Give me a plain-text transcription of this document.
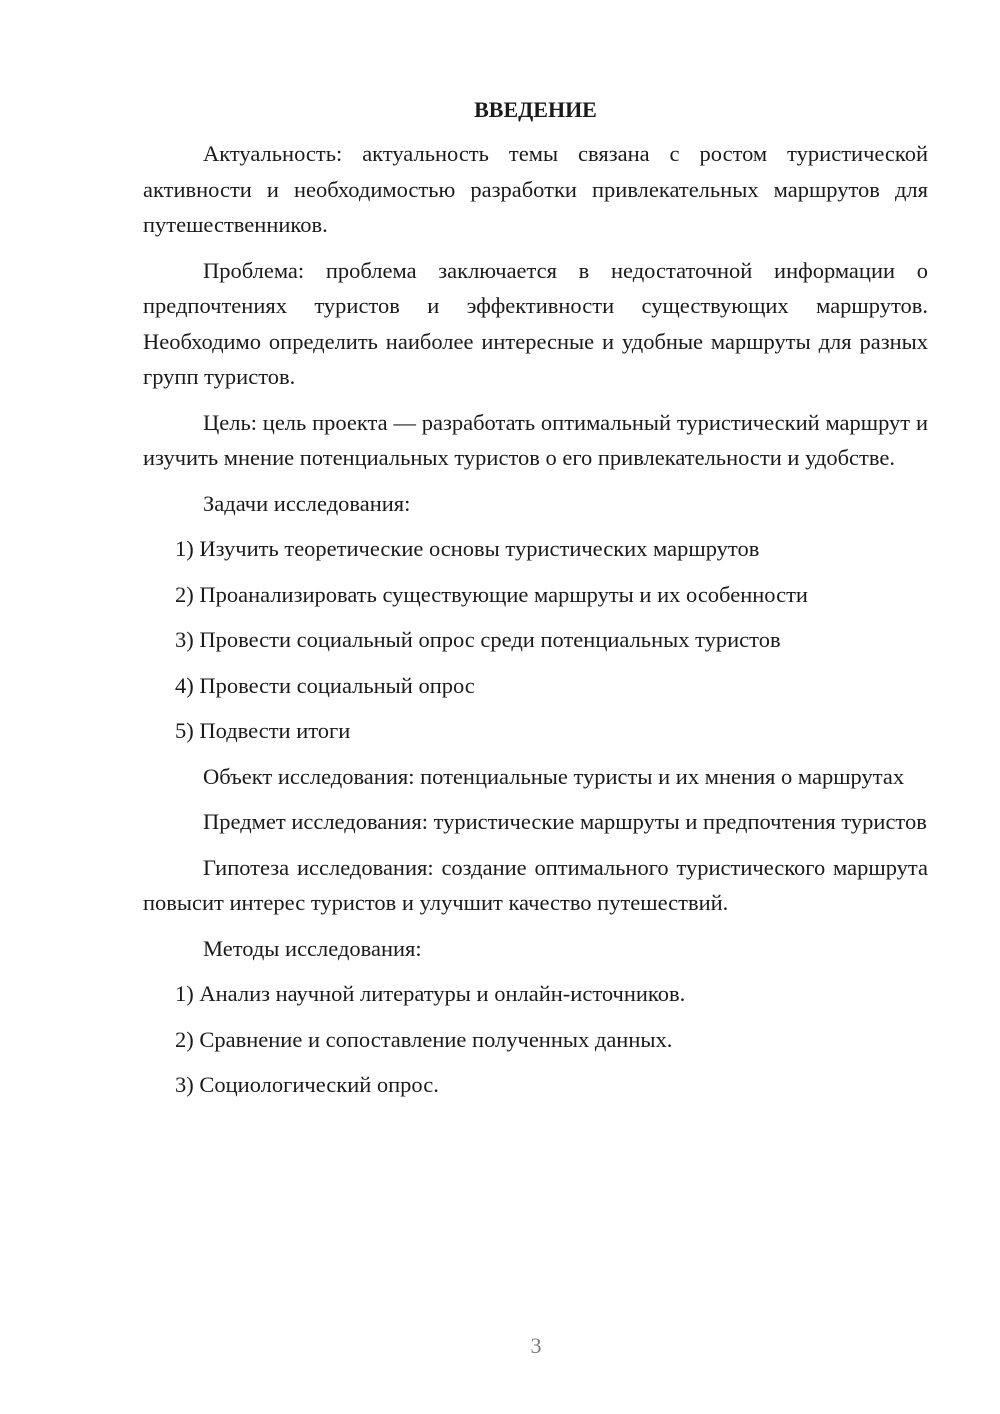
ВВЕДЕНИЕ

Актуальность: актуальность темы связана с ростом туристической активности и необходимостью разработки привлекательных маршрутов для путешественников.

Проблема: проблема заключается в недостаточной информации о предпочтениях туристов и эффективности существующих маршрутов. Необходимо определить наиболее интересные и удобные маршруты для разных групп туристов.

Цель: цель проекта — разработать оптимальный туристический маршрут и изучить мнение потенциальных туристов о его привлекательности и удобстве.

Задачи исследования:

1) Изучить теоретические основы туристических маршрутов
2) Проанализировать существующие маршруты и их особенности
3) Провести социальный опрос среди потенциальных туристов
4) Провести социальный опрос
5) Подвести итоги

Объект исследования: потенциальные туристы и их мнения о маршрутах

Предмет исследования: туристические маршруты и предпочтения туристов

Гипотеза исследования: создание оптимального туристического маршрута повысит интерес туристов и улучшит качество путешествий.

Методы исследования:

1) Анализ научной литературы и онлайн-источников.
2) Сравнение и сопоставление полученных данных.
3) Социологический опрос.
3
